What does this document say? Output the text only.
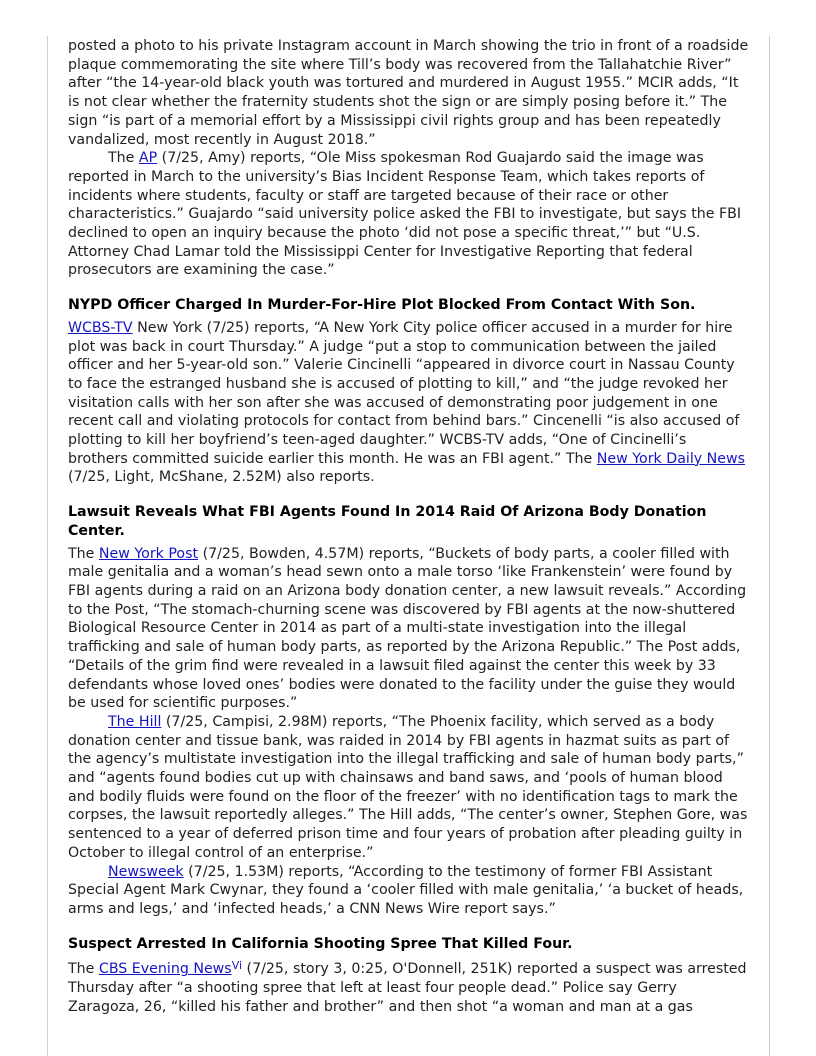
posted a photo to his private Instagram account in March showing the trio in front of a roadside plaque commemorating the site where Till’s body was recovered from the Tallahatchie River” after “the 14-year-old black youth was tortured and murdered in August 1955.” MCIR adds, “It is not clear whether the fraternity students shot the sign or are simply posing before it.” The sign “is part of a memorial effort by a Mississippi civil rights group and has been repeatedly vandalized, most recently in August 2018.”

The AP (7/25, Amy) reports, “Ole Miss spokesman Rod Guajardo said the image was reported in March to the university’s Bias Incident Response Team, which takes reports of incidents where students, faculty or staff are targeted because of their race or other characteristics.” Guajardo “said university police asked the FBI to investigate, but says the FBI declined to open an inquiry because the photo ‘did not pose a specific threat,’” but “U.S. Attorney Chad Lamar told the Mississippi Center for Investigative Reporting that federal prosecutors are examining the case.”

NYPD Officer Charged In Murder-For-Hire Plot Blocked From Contact With Son.

WCBS-TV New York (7/25) reports, “A New York City police officer accused in a murder for hire plot was back in court Thursday.” A judge “put a stop to communication between the jailed officer and her 5-year-old son.” Valerie Cincinelli “appeared in divorce court in Nassau County to face the estranged husband she is accused of plotting to kill,” and “the judge revoked her visitation calls with her son after she was accused of demonstrating poor judgement in one recent call and violating protocols for contact from behind bars.” Cincenelli “is also accused of plotting to kill her boyfriend’s teen-aged daughter.” WCBS-TV adds, “One of Cincinelli’s brothers committed suicide earlier this month. He was an FBI agent.” The New York Daily News (7/25, Light, McShane, 2.52M) also reports.

Lawsuit Reveals What FBI Agents Found In 2014 Raid Of Arizona Body Donation Center.

The New York Post (7/25, Bowden, 4.57M) reports, “Buckets of body parts, a cooler filled with male genitalia and a woman’s head sewn onto a male torso ‘like Frankenstein’ were found by FBI agents during a raid on an Arizona body donation center, a new lawsuit reveals.” According to the Post, “The stomach-churning scene was discovered by FBI agents at the now-shuttered Biological Resource Center in 2014 as part of a multi-state investigation into the illegal trafficking and sale of human body parts, as reported by the Arizona Republic.” The Post adds, “Details of the grim find were revealed in a lawsuit filed against the center this week by 33 defendants whose loved ones’ bodies were donated to the facility under the guise they would be used for scientific purposes.”

The Hill (7/25, Campisi, 2.98M) reports, “The Phoenix facility, which served as a body donation center and tissue bank, was raided in 2014 by FBI agents in hazmat suits as part of the agency’s multistate investigation into the illegal trafficking and sale of human body parts,” and “agents found bodies cut up with chainsaws and band saws, and ‘pools of human blood and bodily fluids were found on the floor of the freezer’ with no identification tags to mark the corpses, the lawsuit reportedly alleges.” The Hill adds, “The center’s owner, Stephen Gore, was sentenced to a year of deferred prison time and four years of probation after pleading guilty in October to illegal control of an enterprise.”

Newsweek (7/25, 1.53M) reports, “According to the testimony of former FBI Assistant Special Agent Mark Cwynar, they found a ‘cooler filled with male genitalia,’ ‘a bucket of heads, arms and legs,’ and ‘infected heads,’ a CNN News Wire report says.”

Suspect Arrested In California Shooting Spree That Killed Four.

The CBS Evening News$^{Vi}$ (7/25, story 3, 0:25, O'Donnell, 251K) reported a suspect was arrested Thursday after “a shooting spree that left at least four people dead.” Police say Gerry Zaragoza, 26, “killed his father and brother” and then shot “a woman and man at a gas
